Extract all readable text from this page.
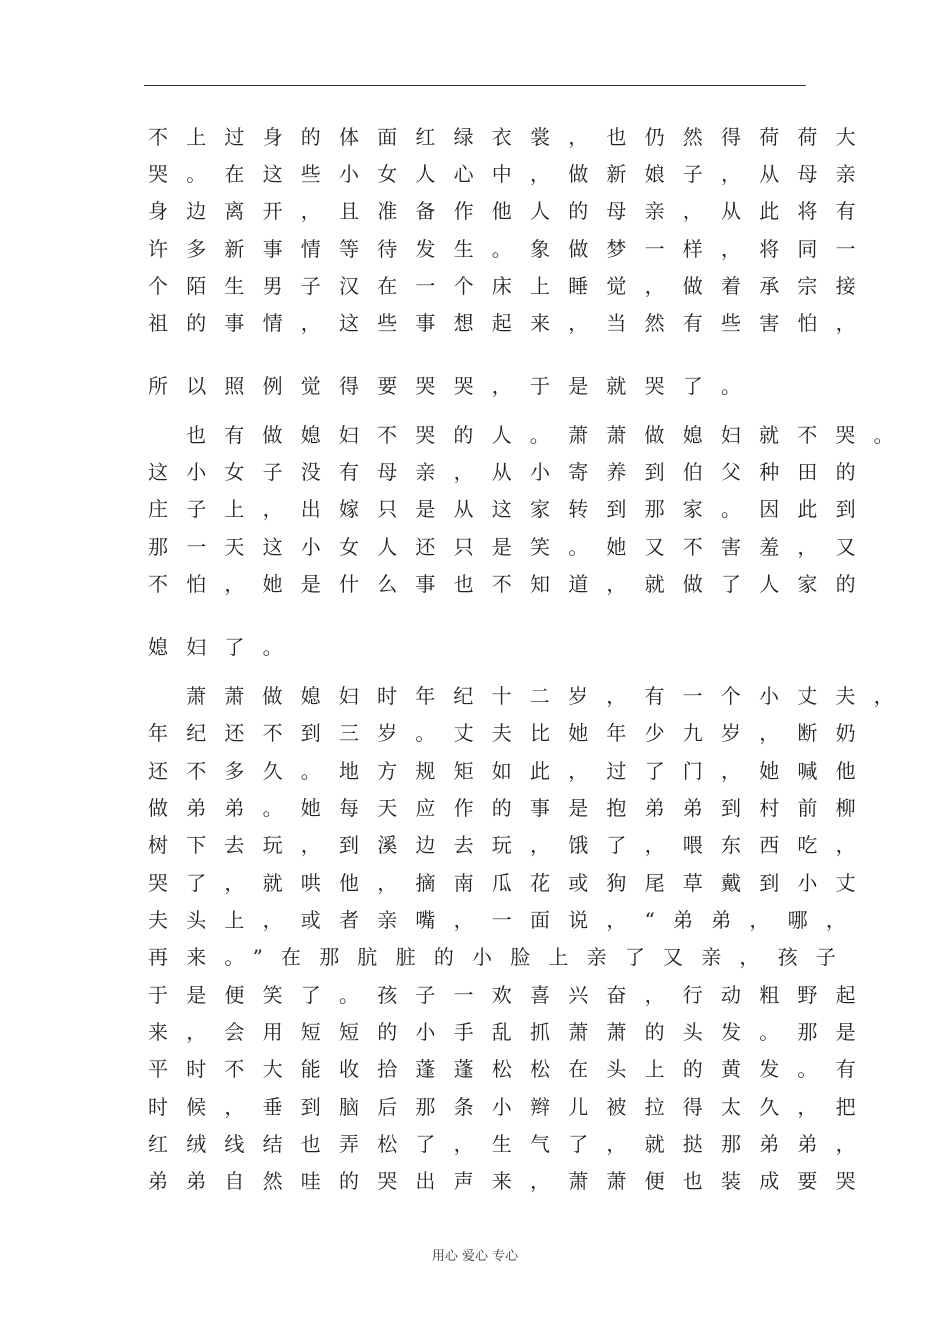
不上过身的体面红绿衣裳，也仍然得荷荷大
哭。在这些小女人心中，做新娘子，从母亲
身边离开，且准备作他人的母亲，从此将有
许多新事情等待发生。象做梦一样，将同一
个陌生男子汉在一个床上睡觉，做着承宗接
祖的事情，这些事想起来，当然有些害怕，
所以照例觉得要哭哭，于是就哭了。
也有做媳妇不哭的人。萧萧做媳妇就不哭。
这小女子没有母亲，从小寄养到伯父种田的
庄子上，出嫁只是从这家转到那家。因此到
那一天这小女人还只是笑。她又不害羞，又
不怕，她是什么事也不知道，就做了人家的
媳妇了。
萧萧做媳妇时年纪十二岁，有一个小丈夫，
年纪还不到三岁。丈夫比她年少九岁，断奶
还不多久。地方规矩如此，过了门，她喊他
做弟弟。她每天应作的事是抱弟弟到村前柳
树下去玩，到溪边去玩，饿了，喂东西吃，
哭了，就哄他，摘南瓜花或狗尾草戴到小丈
夫头上，或者亲嘴，一面说，“弟弟，哪，
再来。”在那肮脏的小脸上亲了又亲，孩子
于是便笑了。孩子一欢喜兴奋，行动粗野起
来，会用短短的小手乱抓萧萧的头发。那是
平时不大能收拾蓬蓬松松在头上的黄发。有
时候，垂到脑后那条小辫儿被拉得太久，把
红绒线结也弄松了，生气了，就挞那弟弟，
弟弟自然哇的哭出声来，萧萧便也装成要哭
用心 爱心 专心
